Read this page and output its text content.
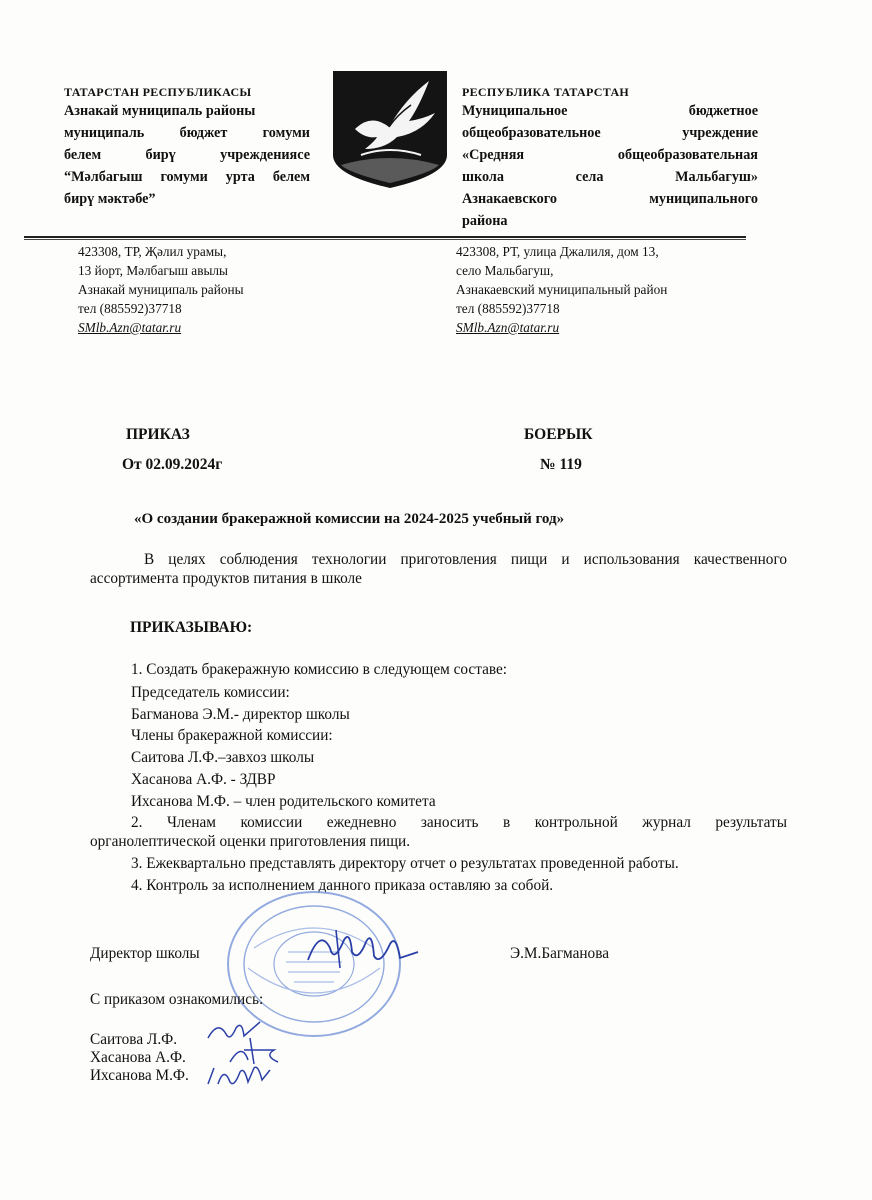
ТАТАРСТАН РЕСПУБЛИКАСЫ
Азнакай муниципаль районы
муниципаль бюджет гомуми
белем бирү учреждениясе
“Мәлбагыш гомуми урта белем
бирү мәктәбе”
РЕСПУБЛИКА ТАТАРСТАН
Муниципальное бюджетное
общеобразовательное учреждение
«Средняя общеобразовательная
школа села Мальбагуш»
Азнакаевского муниципального
района
423308, ТР, Җәлил урамы,
13 йорт, Мәлбагыш авылы
Азнакай муниципаль районы
тел (885592)37718
SMlb.Azn@tatar.ru
423308, РТ, улица Джалиля, дом 13,
село Мальбагуш,
Азнакаевский муниципальный район
тел (885592)37718
SMlb.Azn@tatar.ru
ПРИКАЗ	БОЕРЫК
От 02.09.2024г	№ 119
«О создании бракеражной комиссии на 2024-2025 учебный год»
В целях соблюдения технологии приготовления пищи и использования качественного
ассортимента продуктов питания в школе
ПРИКАЗЫВАЮ:
1. Создать бракеражную комиссию в следующем составе:
Председатель комиссии:
Багманова Э.М.- директор школы
Члены бракеражной комиссии:
Саитова Л.Ф.–завхоз школы
Хасанова А.Ф. - ЗДВР
Ихсанова М.Ф. – член родительского комитета
2. Членам комиссии ежедневно заносить в контрольной журнал результаты
органолептической оценки приготовления пищи.
3. Ежеквартально представлять директору отчет о результатах проведенной работы.
4. Контроль за исполнением данного приказа оставляю за собой.
Директор школы	Э.М.Багманова
С приказом ознакомились:
Саитова Л.Ф.
Хасанова А.Ф.
Ихсанова М.Ф.
